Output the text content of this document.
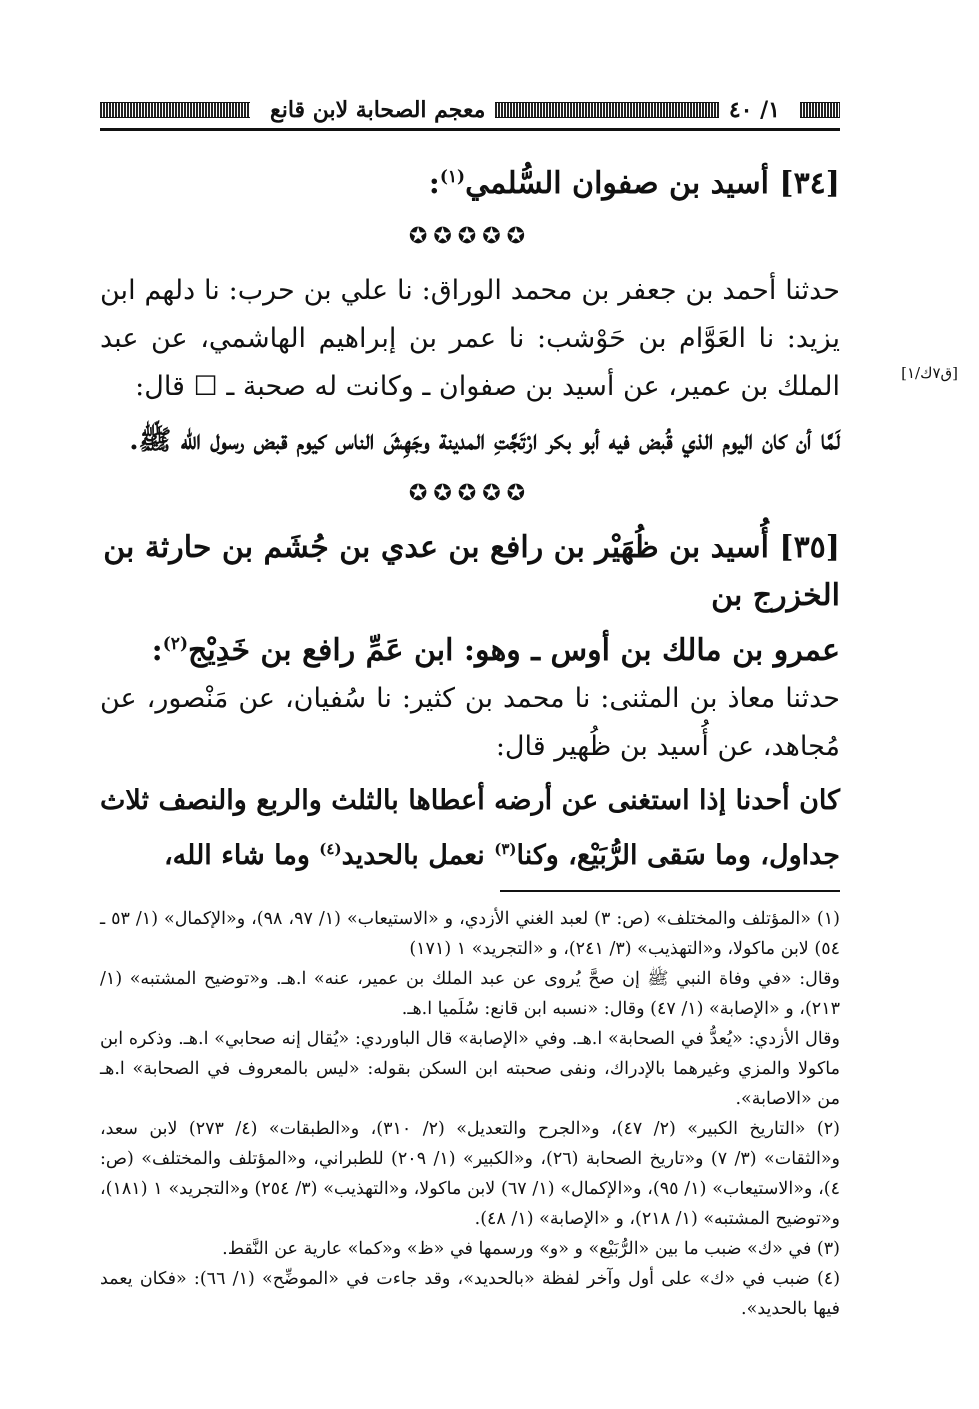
[ق٧ك/١]
١/ ٤٠
معجم الصحابة لابن قانع
[٣٤] أسيد بن صفوان السُّلمي$^{(١)}$:
✪✪✪✪✪

حدثنا أحمد بن جعفر بن محمد الوراق: نا علي بن حرب: نا دلهم ابن يزيد: نا العَوَّام بن حَوْشب: نا عمر بن إبراهيم الهاشمي، عن عبد الملك بن عمير، عن أسيد بن صفوان ـ وكانت له صحبة ـ ☐ قال:

لَمَّا أن كان اليوم الذي قُبض فيه أبو بكر ارْتَجَّتِ المدينة وجَهِشَ الناس كيوم قبض رسول الله ﷺ.

✪✪✪✪✪
[٣٥] أُسيد بن ظُهَيْر بن رافع بن عدي بن جُشَم بن حارثة بن الخزرج بن
عمرو بن مالك بن أوس ـ وهو: ابن عَمِّ رافع بن خَدِيْج$^{(٢)}$:

حدثنا معاذ بن المثنى: نا محمد بن كثير: نا سُفيان، عن مَنْصور، عن مُجاهد، عن أُسيد بن ظُهير قال:

كان أحدنا إذا استغنى عن أرضه أعطاها بالثلث والربع والنصف ثلاث جداول، وما سَقى الرُّبَيْع، وكنا$^{(٣)}$ نعمل بالحديد$^{(٤)}$ وما شاء الله،

(١) «المؤتلف والمختلف» (ص: ٣) لعبد الغني الأزدي، و «الاستيعاب» (١/ ٩٧، ٩٨)، و«الإكمال» (١/ ٥٣ ـ ٥٤) لابن ماكولا، و«التهذيب» (٣/ ٢٤١)، و «التجريد» ١ (١٧١)

وقال: «في وفاة النبي ﷺ إن صحَّ يُروى عن عبد الملك بن عمير، عنه» ا.هـ. و«توضيح المشتبه» (١/ ٢١٣)، و «الإصابة» (١/ ٤٧) وقال: «نسبه ابن قانع: سُلَميا ا.هـ.

وقال الأزدي: «يُعدُّ في الصحابة» ا.هـ. وفي «الإصابة» قال الباوردي: «يُقال إنه صحابي» ا.هـ. وذكره ابن ماكولا والمزي وغيرهما بالإدراك، ونفى صحبته ابن السكن بقوله: «ليس بالمعروف في الصحابة» ا.هـ من «الاصابة».

(٢) «التاريخ الكبير» (٢/ ٤٧)، و«الجرح والتعديل» (٢/ ٣١٠)، و«الطبقات» (٤/ ٢٧٣) لابن سعد، و«الثقات» (٣/ ٧) و«تاريخ الصحابة (٢٦)، و«الكبير» (١/ ٢٠٩) للطبراني، و«المؤتلف والمختلف» (ص: ٤)، و«الاستيعاب» (١/ ٩٥)، و«الإكمال» (١/ ٦٧) لابن ماكولا، و«التهذيب» (٣/ ٢٥٤) و«التجريد» ١ (١٨١)، و«توضيح المشتبه» (١/ ٢١٨)، و «الإصابة» (١/ ٤٨).

(٣) في «ك» ضبب ما بين «الرُّبَيْع» و «و» ورسمها في «ظ» و«كما» عارية عن النَّقط.

(٤) ضبب في «ك» على أول وآخر لفظة «بالحديد»، وقد جاءت في «الموضِّح» (١/ ٦٦): «فكان يعمد فيها بالحديد».
